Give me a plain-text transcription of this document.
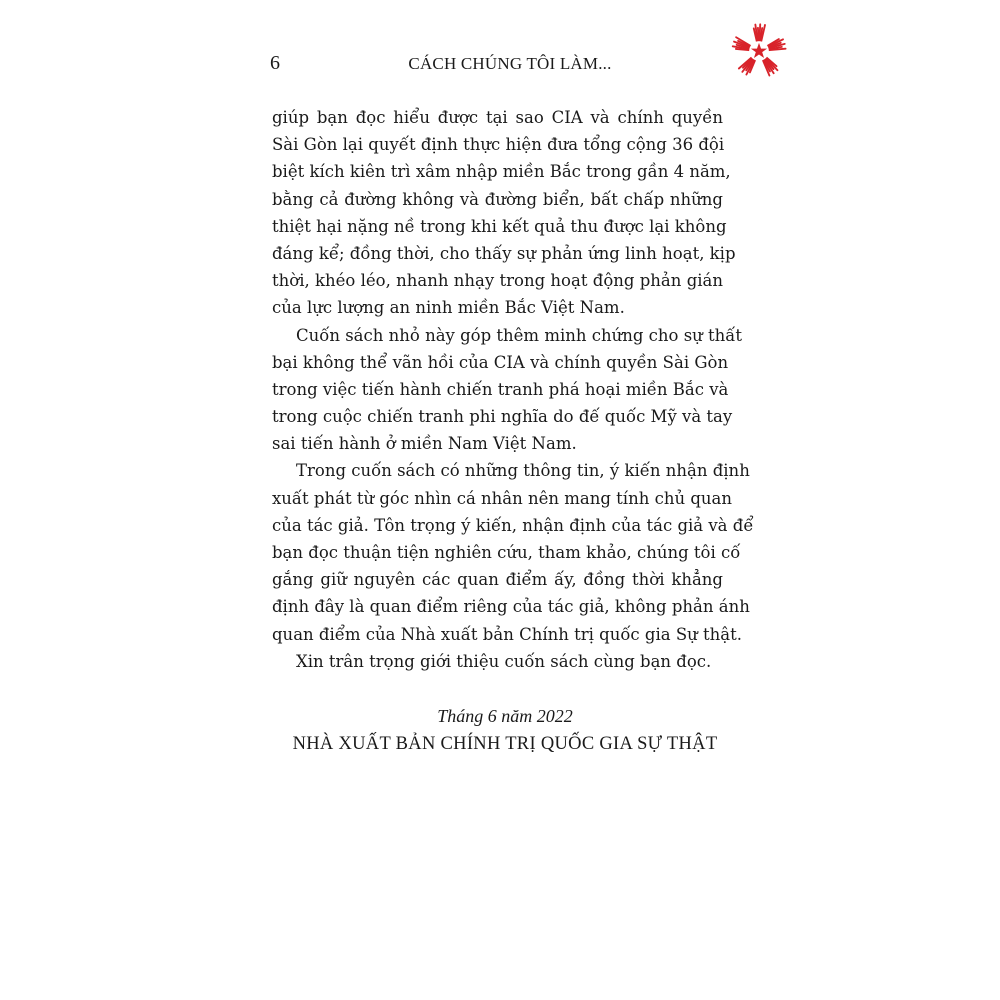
6	CÁCH CHÚNG TÔI LÀM...
giúp bạn đọc hiểu được tại sao CIA và chính quyền
Sài Gòn lại quyết định thực hiện đưa tổng cộng 36 đội
biệt kích kiên trì xâm nhập miền Bắc trong gần 4 năm,
bằng cả đường không và đường biển, bất chấp những
thiệt hại nặng nề trong khi kết quả thu được lại không
đáng kể; đồng thời, cho thấy sự phản ứng linh hoạt, kịp
thời, khéo léo, nhanh nhạy trong hoạt động phản gián
của lực lượng an ninh miền Bắc Việt Nam.
Cuốn sách nhỏ này góp thêm minh chứng cho sự thất
bại không thể vãn hồi của CIA và chính quyền Sài Gòn
trong việc tiến hành chiến tranh phá hoại miền Bắc và
trong cuộc chiến tranh phi nghĩa do đế quốc Mỹ và tay
sai tiến hành ở miền Nam Việt Nam.
Trong cuốn sách có những thông tin, ý kiến nhận định
xuất phát từ góc nhìn cá nhân nên mang tính chủ quan
của tác giả. Tôn trọng ý kiến, nhận định của tác giả và để
bạn đọc thuận tiện nghiên cứu, tham khảo, chúng tôi cố
gắng giữ nguyên các quan điểm ấy, đồng thời khẳng
định đây là quan điểm riêng của tác giả, không phản ánh
quan điểm của Nhà xuất bản Chính trị quốc gia Sự thật.
Xin trân trọng giới thiệu cuốn sách cùng bạn đọc.
Tháng 6 năm 2022
NHÀ XUẤT BẢN CHÍNH TRỊ QUỐC GIA SỰ THẬT
